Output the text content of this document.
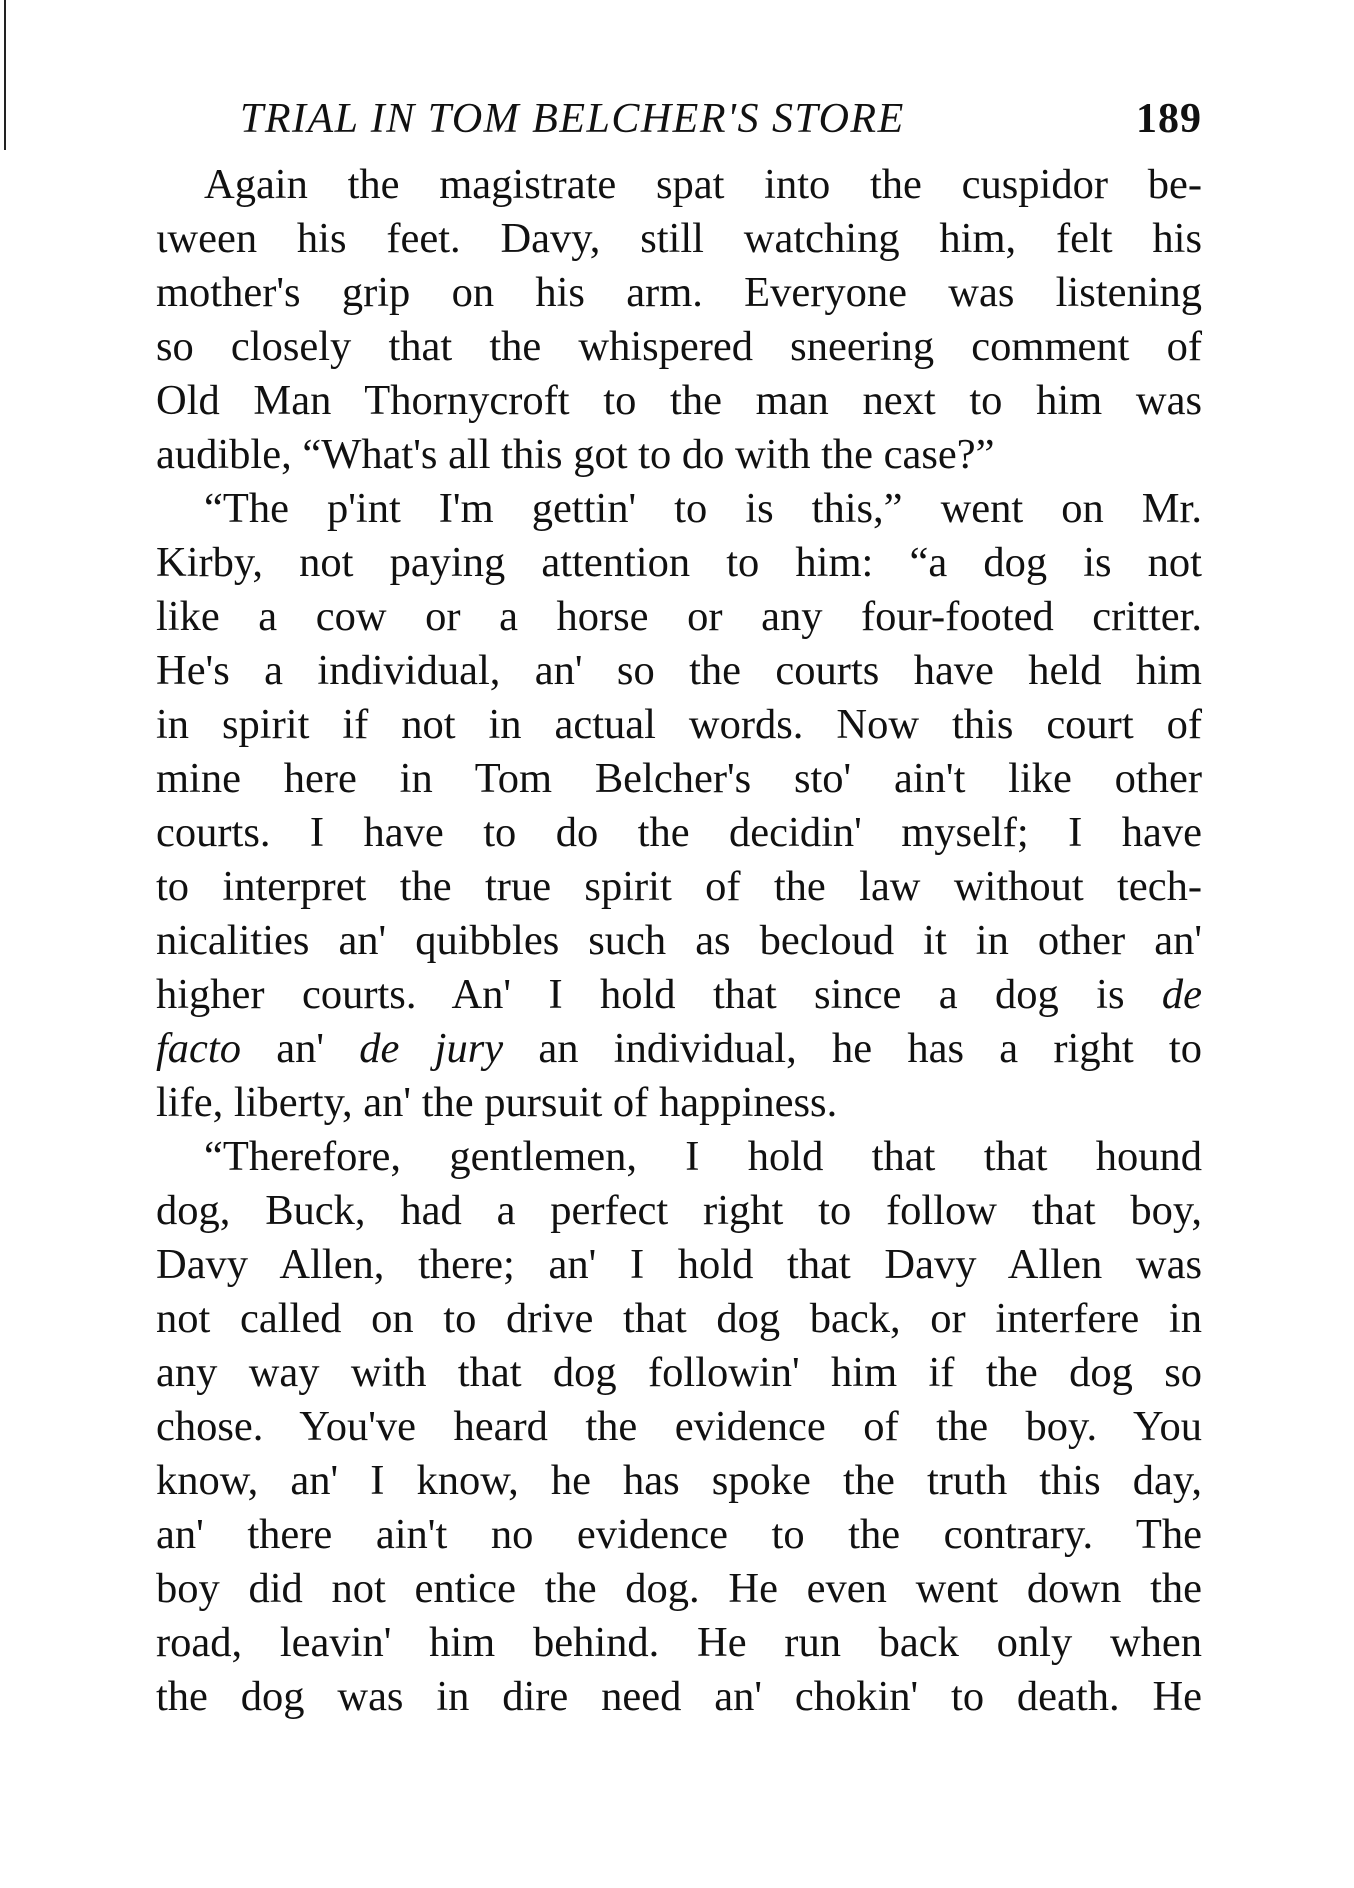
TRIAL IN TOM BELCHER'S STORE	189
Again the magistrate spat into the cuspidor be-
ιween his feet. Davy, still watching him, felt his
mother's grip on his arm. Everyone was listening
so closely that the whispered sneering comment of
Old Man Thornycroft to the man next to him was
audible, “What's all this got to do with the case?”
“The p'int I'm gettin' to is this,” went on Mr.
Kirby, not paying attention to him: “a dog is not
like a cow or a horse or any four-footed critter.
He's a individual, an' so the courts have held him
in spirit if not in actual words. Now this court of
mine here in Tom Belcher's sto' ain't like other
courts. I have to do the decidin' myself; I have
to interpret the true spirit of the law without tech-
nicalities an' quibbles such as becloud it in other an'
higher courts. An' I hold that since a dog is de
facto an' de jury an individual, he has a right to
life, liberty, an' the pursuit of happiness.
“Therefore, gentlemen, I hold that that hound
dog, Buck, had a perfect right to follow that boy,
Davy Allen, there; an' I hold that Davy Allen was
not called on to drive that dog back, or interfere in
any way with that dog followin' him if the dog so
chose. You've heard the evidence of the boy. You
know, an' I know, he has spoke the truth this day,
an' there ain't no evidence to the contrary. The
boy did not entice the dog. He even went down the
road, leavin' him behind. He run back only when
the dog was in dire need an' chokin' to death. He
